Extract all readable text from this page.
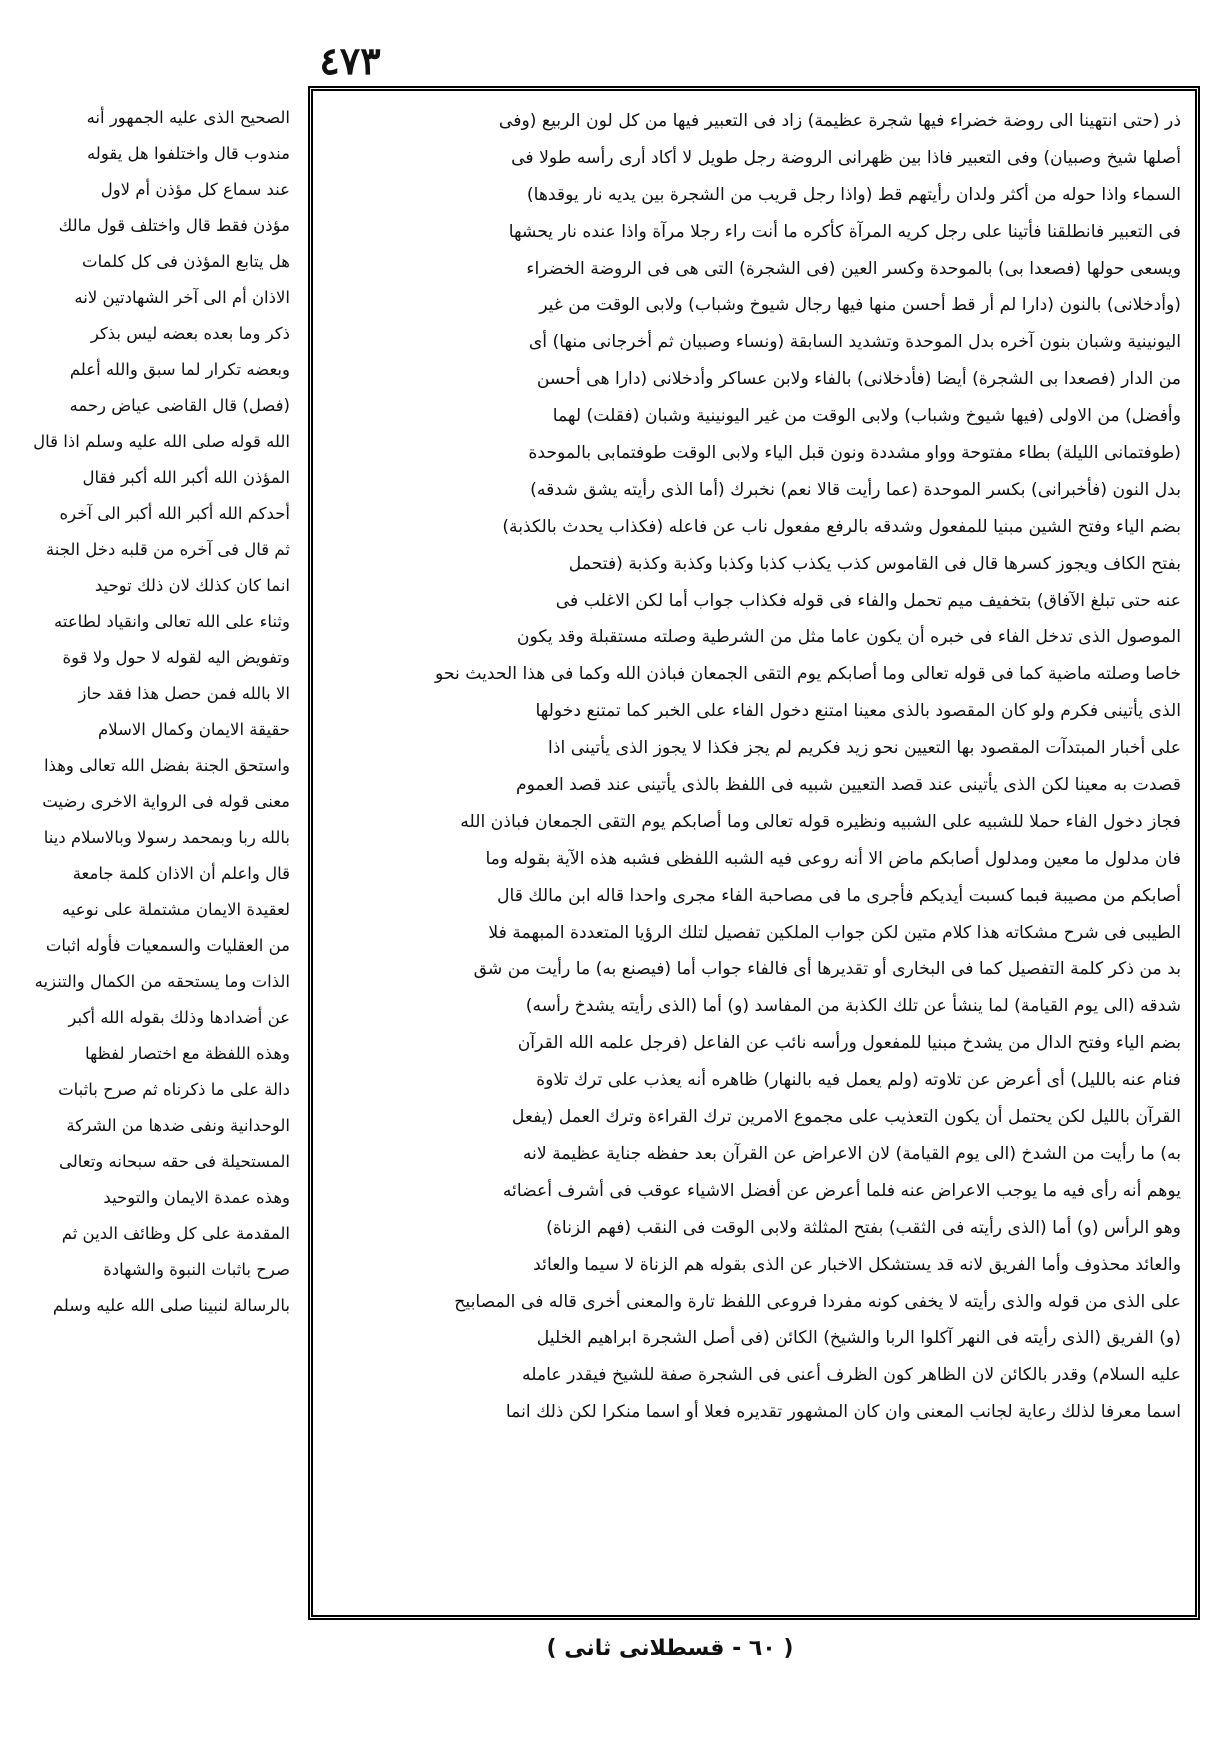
٤٧٣
الصحيح الذى عليه الجمهور أنه
مندوب قال واختلفوا هل يقوله
عند سماع كل مؤذن أم لاول
مؤذن فقط قال واختلف قول مالك
هل يتابع المؤذن فى كل كلمات
الاذان أم الى آخر الشهادتين لانه
ذكر وما بعده بعضه ليس بذكر
وبعضه تكرار لما سبق والله أعلم
(فصل) قال القاضى عياض رحمه
الله قوله صلى الله عليه وسلم اذا قال
المؤذن الله أكبر الله أكبر فقال
أحدكم الله أكبر الله أكبر الى آخره
ثم قال فى آخره من قلبه دخل الجنة
انما كان كذلك لان ذلك توحيد
وثناء على الله تعالى وانقياد لطاعته
وتفويض اليه لقوله لا حول ولا قوة
الا بالله فمن حصل هذا فقد حاز
حقيقة الايمان وكمال الاسلام
واستحق الجنة بفضل الله تعالى وهذا
معنى قوله فى الرواية الاخرى رضيت
بالله ربا وبمحمد رسولا وبالاسلام دينا
قال واعلم أن الاذان كلمة جامعة
لعقيدة الايمان مشتملة على نوعيه
من العقليات والسمعيات فأوله اثبات
الذات وما يستحقه من الكمال والتنزيه
عن أضدادها وذلك بقوله الله أكبر
وهذه اللفظة مع اختصار لفظها
دالة على ما ذكرناه ثم صرح باثبات
الوحدانية ونفى ضدها من الشركة
المستحيلة فى حقه سبحانه وتعالى
وهذه عمدة الايمان والتوحيد
المقدمة على كل وظائف الدين ثم
صرح باثبات النبوة والشهادة
بالرسالة لنبينا صلى الله عليه وسلم
ذر (حتى انتهينا الى روضة خضراء فيها شجرة عظيمة) زاد فى التعبير فيها من كل لون الربيع (وفى
أصلها شيخ وصبيان) وفى التعبير فاذا بين ظهرانى الروضة رجل طويل لا أكاد أرى رأسه طولا فى
السماء واذا حوله من أكثر ولدان رأيتهم قط (واذا رجل قريب من الشجرة بين يديه نار يوقدها)
فى التعبير فانطلقنا فأتينا على رجل كريه المرآة كأكره ما أنت راء رجلا مرآة واذا عنده نار يحشها
ويسعى حولها (فصعدا بى) بالموحدة وكسر العين (فى الشجرة) التى هى فى الروضة الخضراء
(وأدخلانى) بالنون (دارا لم أر قط أحسن منها فيها رجال شيوخ وشباب) ولابى الوقت من غير
اليونينية وشبان بنون آخره بدل الموحدة وتشديد السابقة (ونساء وصبيان ثم أخرجانى منها) أى
من الدار (فصعدا بى الشجرة) أيضا (فأدخلانى) بالفاء ولابن عساكر وأدخلانى (دارا هى أحسن
وأفضل) من الاولى (فيها شيوخ وشباب) ولابى الوقت من غير اليونينية وشبان (فقلت) لهما
(طوفتمانى الليلة) بطاء مفتوحة وواو مشددة ونون قبل الياء ولابى الوقت طوفتمابى بالموحدة
بدل النون (فأخبرانى) بكسر الموحدة (عما رأيت قالا نعم) نخبرك (أما الذى رأيته يشق شدقه)
بضم الياء وفتح الشين مبنيا للمفعول وشدقه بالرفع مفعول ناب عن فاعله (فكذاب يحدث بالكذبة)
بفتح الكاف ويجوز كسرها قال فى القاموس كذب يكذب كذبا وكذبا وكذبة وكذبة (فتحمل
عنه حتى تبلغ الآفاق) بتخفيف ميم تحمل والفاء فى قوله فكذاب جواب أما لكن الاغلب فى
الموصول الذى تدخل الفاء فى خبره أن يكون عاما مثل من الشرطية وصلته مستقبلة وقد يكون
خاصا وصلته ماضية كما فى قوله تعالى وما أصابكم يوم التقى الجمعان فباذن الله وكما فى هذا الحديث نحو
الذى يأتينى فكرم ولو كان المقصود بالذى معينا امتنع دخول الفاء على الخبر كما تمتنع دخولها
على أخبار المبتدآت المقصود بها التعيين نحو زيد فكريم لم يجز فكذا لا يجوز الذى يأتينى اذا
قصدت به معينا لكن الذى يأتينى عند قصد التعيين شبيه فى اللفظ بالذى يأتينى عند قصد العموم
فجاز دخول الفاء حملا للشبيه على الشبيه ونظيره قوله تعالى وما أصابكم يوم التقى الجمعان فباذن الله
فان مدلول ما معين ومدلول أصابكم ماض الا أنه روعى فيه الشبه اللفظى فشبه هذه الآية بقوله وما
أصابكم من مصيبة فبما كسبت أيديكم فأجرى ما فى مصاحبة الفاء مجرى واحدا قاله ابن مالك قال
الطيبى فى شرح مشكاته هذا كلام متين لكن جواب الملكين تفصيل لتلك الرؤيا المتعددة المبهمة فلا
بد من ذكر كلمة التفصيل كما فى البخارى أو تقديرها أى فالفاء جواب أما (فيصنع به) ما رأيت من شق
شدقه (الى يوم القيامة) لما ينشأ عن تلك الكذبة من المفاسد (و) أما (الذى رأيته يشدخ رأسه)
بضم الياء وفتح الدال من يشدخ مبنيا للمفعول ورأسه نائب عن الفاعل (فرجل علمه الله القرآن
فنام عنه بالليل) أى أعرض عن تلاوته (ولم يعمل فيه بالنهار) ظاهره أنه يعذب على ترك تلاوة
القرآن بالليل لكن يحتمل أن يكون التعذيب على مجموع الامرين ترك القراءة وترك العمل (يفعل
به) ما رأيت من الشدخ (الى يوم القيامة) لان الاعراض عن القرآن بعد حفظه جناية عظيمة لانه
يوهم أنه رأى فيه ما يوجب الاعراض عنه فلما أعرض عن أفضل الاشياء عوقب فى أشرف أعضائه
وهو الرأس (و) أما (الذى رأيته فى الثقب) بفتح المثلثة ولابى الوقت فى النقب (فهم الزناة)
والعائد محذوف وأما الفريق لانه قد يستشكل الاخبار عن الذى بقوله هم الزناة لا سيما والعائد
على الذى من قوله والذى رأيته لا يخفى كونه مفردا فروعى اللفظ تارة والمعنى أخرى قاله فى المصابيح
(و) الفريق (الذى رأيته فى النهر آكلوا الربا والشيخ) الكائن (فى أصل الشجرة ابراهيم الخليل
عليه السلام) وقدر بالكائن لان الظاهر كون الظرف أعنى فى الشجرة صفة للشيخ فيقدر عامله
اسما معرفا لذلك رعاية لجانب المعنى وان كان المشهور تقديره فعلا أو اسما منكرا لكن ذلك انما
( ٦٠ - قسطلانى ثانى )
